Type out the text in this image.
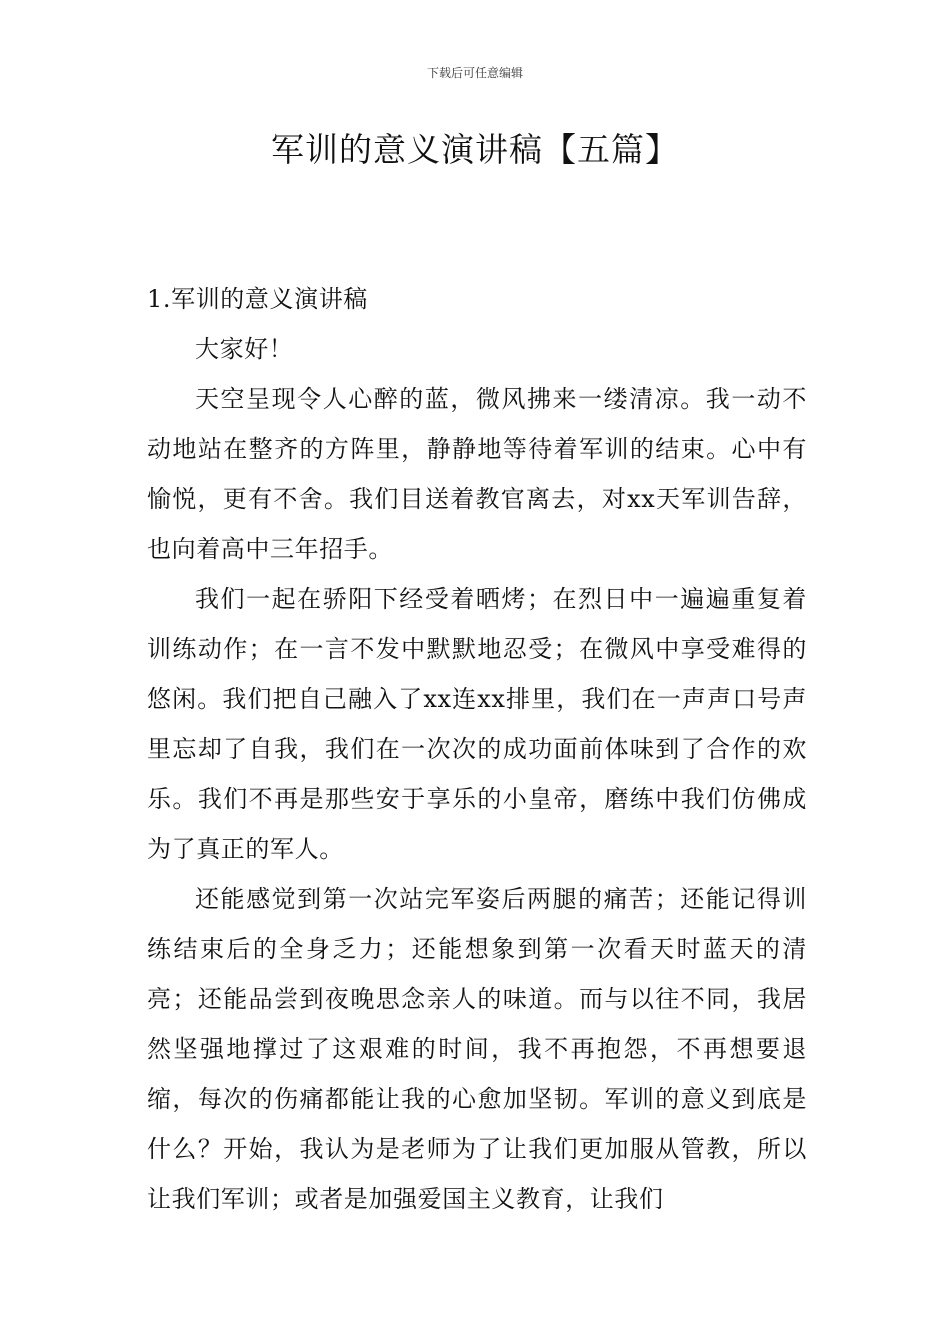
下载后可任意编辑
军训的意义演讲稿【五篇】

1.军训的意义演讲稿

大家好！

天空呈现令人心醉的蓝，微风拂来一缕清凉。我一动不动地站在整齐的方阵里，静静地等待着军训的结束。心中有愉悦，更有不舍。我们目送着教官离去，对xx天军训告辞，也向着高中三年招手。

我们一起在骄阳下经受着晒烤；在烈日中一遍遍重复着训练动作；在一言不发中默默地忍受；在微风中享受难得的悠闲。我们把自己融入了xx连xx排里，我们在一声声口号声里忘却了自我，我们在一次次的成功面前体味到了合作的欢乐。我们不再是那些安于享乐的小皇帝，磨练中我们仿佛成为了真正的军人。

还能感觉到第一次站完军姿后两腿的痛苦；还能记得训练结束后的全身乏力；还能想象到第一次看天时蓝天的清亮；还能品尝到夜晚思念亲人的味道。而与以往不同，我居然坚强地撑过了这艰难的时间，我不再抱怨，不再想要退缩，每次的伤痛都能让我的心愈加坚韧。军训的意义到底是什么？开始，我认为是老师为了让我们更加服从管教，所以让我们军训；或者是加强爱国主义教育，让我们
